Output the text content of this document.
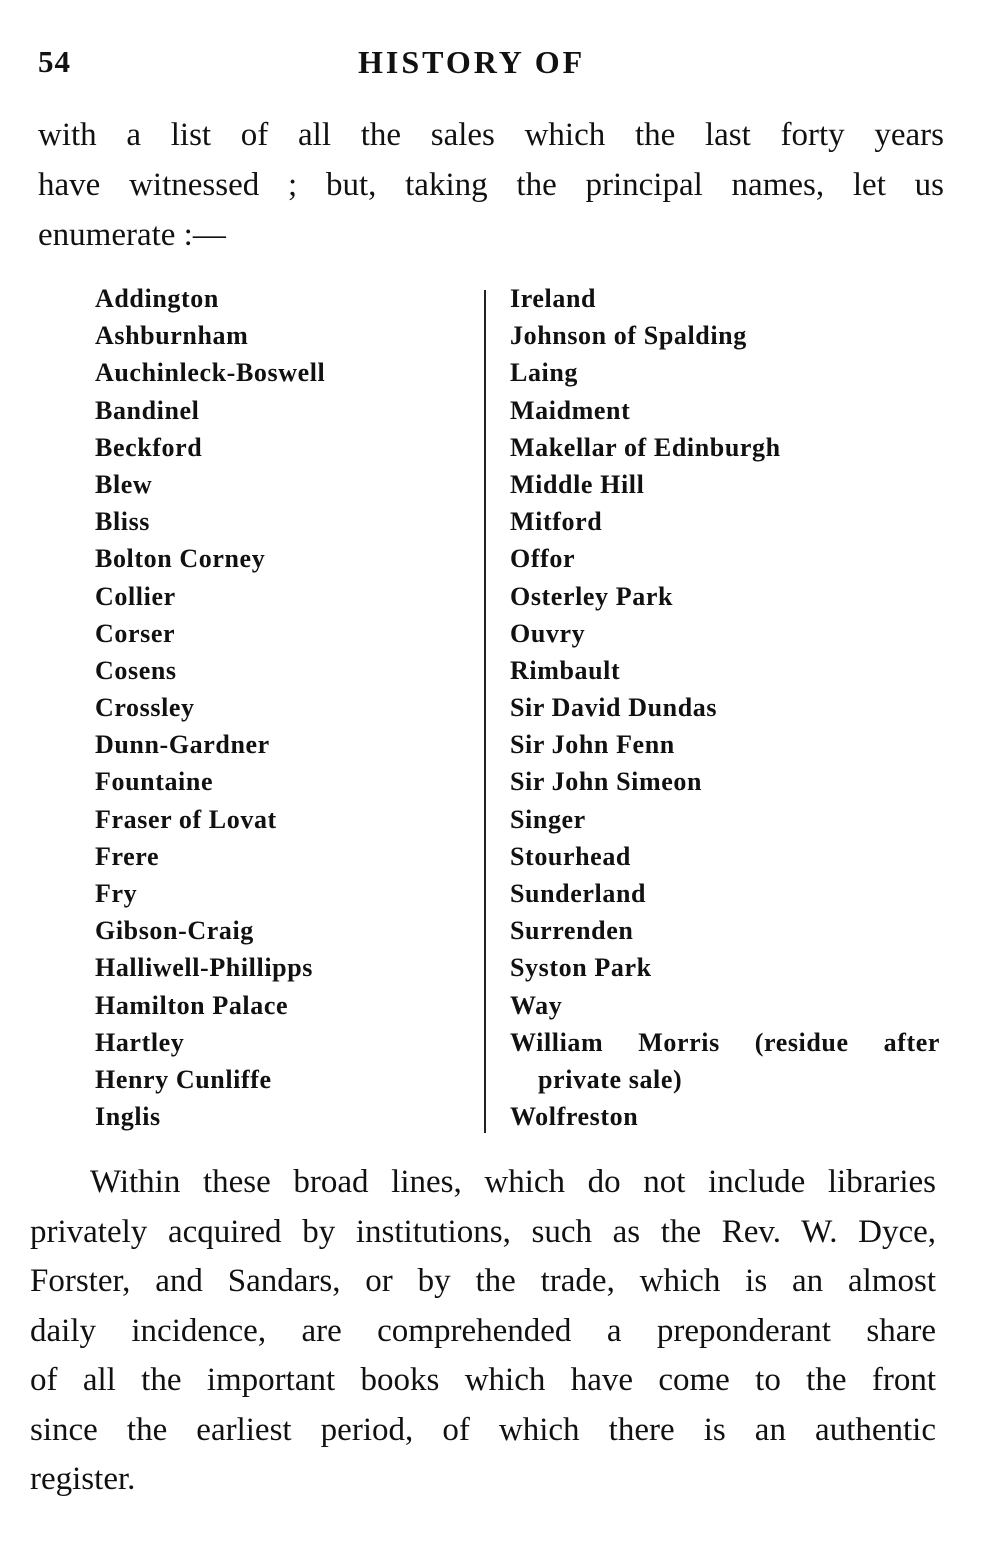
54	HISTORY OF
with a list of all the sales which the last forty years
have witnessed ; but, taking the principal names, let us
enumerate :—
Addington
Ashburnham
Auchinleck-Boswell
Bandinel
Beckford
Blew
Bliss
Bolton Corney
Collier
Corser
Cosens
Crossley
Dunn-Gardner
Fountaine
Fraser of Lovat
Frere
Fry
Gibson-Craig
Halliwell-Phillipps
Hamilton Palace
Hartley
Henry Cunliffe
Inglis
Ireland
Johnson of Spalding
Laing
Maidment
Makellar of Edinburgh
Middle Hill
Mitford
Offor
Osterley Park
Ouvry
Rimbault
Sir David Dundas
Sir John Fenn
Sir John Simeon
Singer
Stourhead
Sunderland
Surrenden
Syston Park
Way
William Morris (residue after
private sale)
Wolfreston
Within these broad lines, which do not include libraries
privately acquired by institutions, such as the Rev. W. Dyce,
Forster, and Sandars, or by the trade, which is an almost
daily incidence, are comprehended a preponderant share
of all the important books which have come to the front
since the earliest period, of which there is an authentic
register.
